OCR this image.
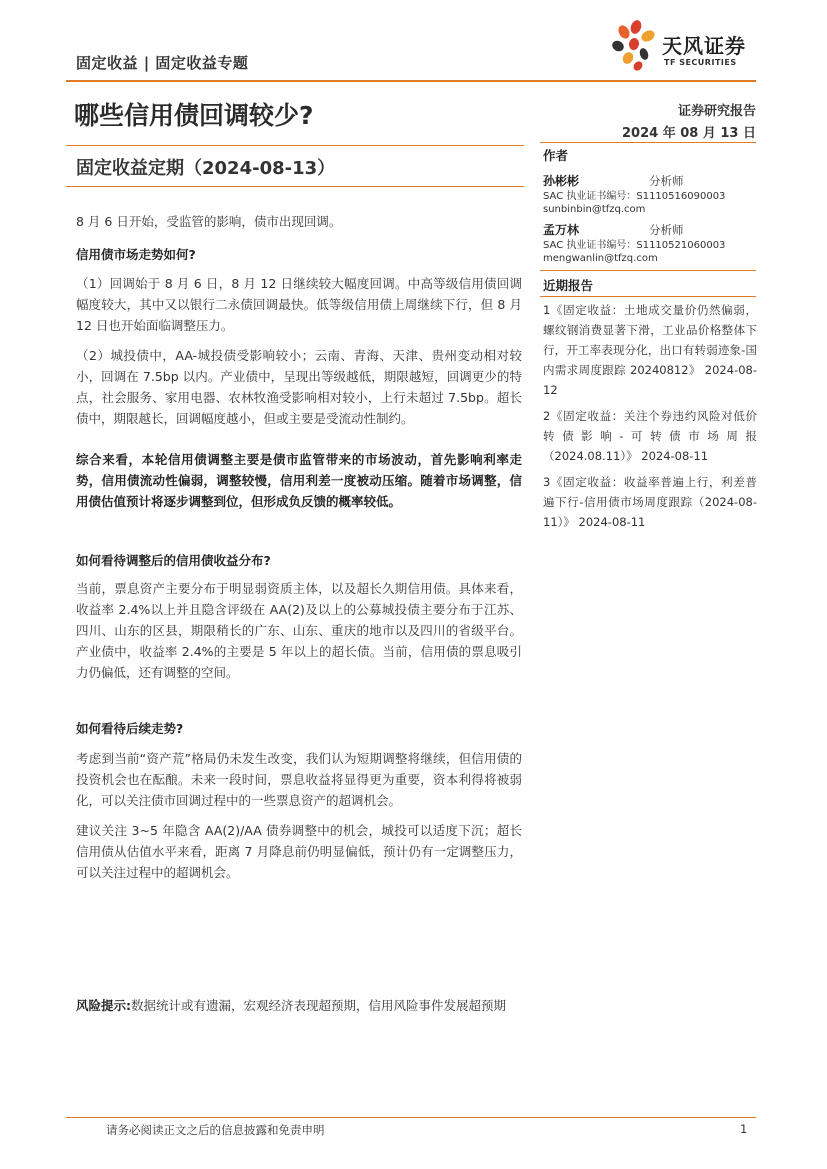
固定收益 | 固定收益专题
天风证券
TF SECURITIES
哪些信用债回调较少?	证券研究报告
2024 年 08 月 13 日
固定收益定期（2024-08-13）

8 月 6 日开始，受监管的影响，债市出现回调。

信用债市场走势如何?

（1）回调始于 8 月 6 日，8 月 12 日继续较大幅度回调。中高等级信用债回调幅度较大，其中又以银行二永债回调最快。低等级信用债上周继续下行，但 8 月 12 日也开始面临调整压力。

（2）城投债中，AA-城投债受影响较小；云南、青海、天津、贵州变动相对较小，回调在 7.5bp 以内。产业债中，呈现出等级越低，期限越短，回调更少的特点，社会服务、家用电器、农林牧渔受影响相对较小，上行未超过 7.5bp。超长债中，期限越长，回调幅度越小，但或主要是受流动性制约。

综合来看，本轮信用债调整主要是债市监管带来的市场波动，首先影响利率走势，信用债流动性偏弱，调整较慢，信用利差一度被动压缩。随着市场调整，信用债估值预计将逐步调整到位，但形成负反馈的概率较低。
如何看待调整后的信用债收益分布?

当前，票息资产主要分布于明显弱资质主体，以及超长久期信用债。具体来看，收益率 2.4%以上并且隐含评级在 AA(2)及以上的公募城投债主要分布于江苏、四川、山东的区县，期限稍长的广东、山东、重庆的地市以及四川的省级平台。产业债中，收益率 2.4%的主要是 5 年以上的超长债。当前，信用债的票息吸引力仍偏低，还有调整的空间。

如何看待后续走势?

考虑到当前“资产荒”格局仍未发生改变，我们认为短期调整将继续，但信用债的投资机会也在酝酿。未来一段时间，票息收益将显得更为重要，资本利得将被弱化，可以关注债市回调过程中的一些票息资产的超调机会。

建议关注 3~5 年隐含 AA(2)/AA 债券调整中的机会，城投可以适度下沉；超长信用债从估值水平来看，距离 7 月降息前仍明显偏低，预计仍有一定调整压力，可以关注过程中的超调机会。

风险提示:数据统计或有遗漏，宏观经济表现超预期，信用风险事件发展超预期
作者
孙彬彬	分析师
SAC 执业证书编号：S1110516090003
sunbinbin@tfzq.com
孟万林	分析师
SAC 执业证书编号：S1110521060003
mengwanlin@tfzq.com
近期报告
1《固定收益：土地成交量价仍然偏弱，螺纹钢消费显著下滑，工业品价格整体下行，开工率表现分化，出口有转弱迹象-国内需求周度跟踪 20240812》 2024-08-12
2《固定收益：关注个券违约风险对低价转债影响-可转债市场周报（2024.08.11）》 2024-08-11
3《固定收益：收益率普遍上行，利差普遍下行-信用债市场周度跟踪（2024-08-11）》 2024-08-11
请务必阅读正文之后的信息披露和免责申明	1
